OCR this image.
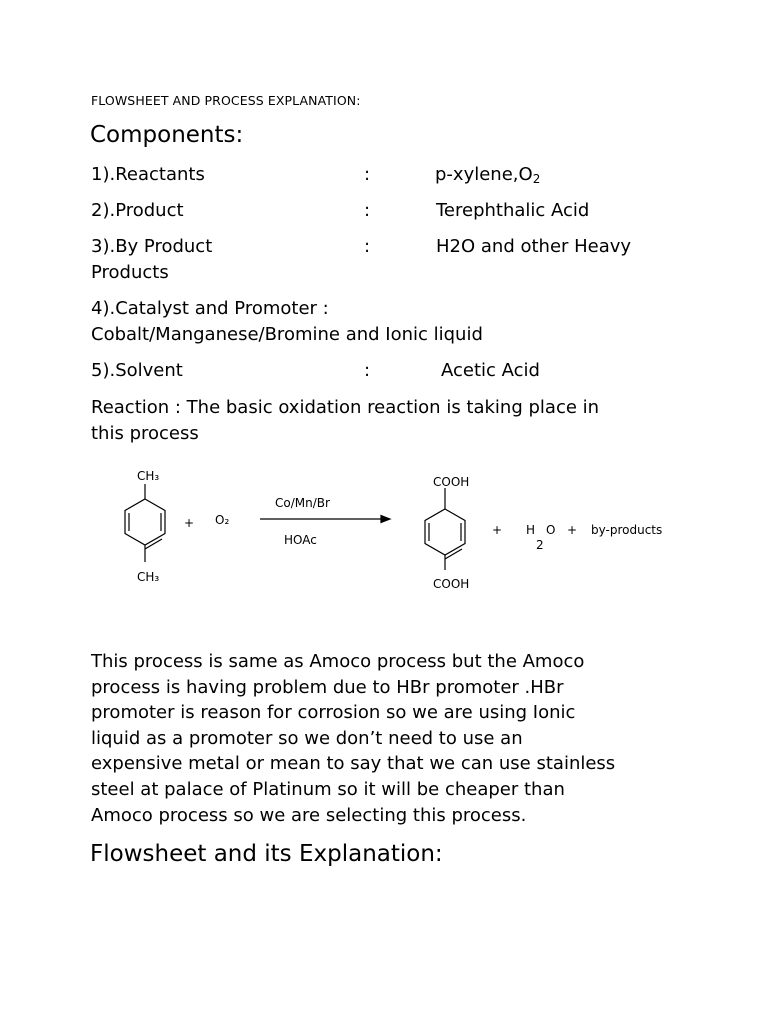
FLOWSHEET AND PROCESS EXPLANATION:
Components:
1).Reactants	:	$p-xylene,O_2$
2).Product	:	Terephthalic Acid
3).By Product	:	H2O and other Heavy
Products
4).Catalyst and Promoter :
Cobalt/Manganese/Bromine and Ionic liquid
5).Solvent	:	Acetic Acid
Reaction : The basic oxidation reaction is taking place in
this process
CH₃
CH₃
+ O₂
Co/Mn/Br
HOAc
COOH
COOH
+ H O
2
+ by-products
This process is same as Amoco process but the Amoco
process is having problem due to HBr promoter .HBr
promoter is reason for corrosion so we are using Ionic
liquid as a promoter so we don’t need to use an
expensive metal or mean to say that we can use stainless
steel at palace of Platinum so it will be cheaper than
Amoco process so we are selecting this process.
Flowsheet and its Explanation:
